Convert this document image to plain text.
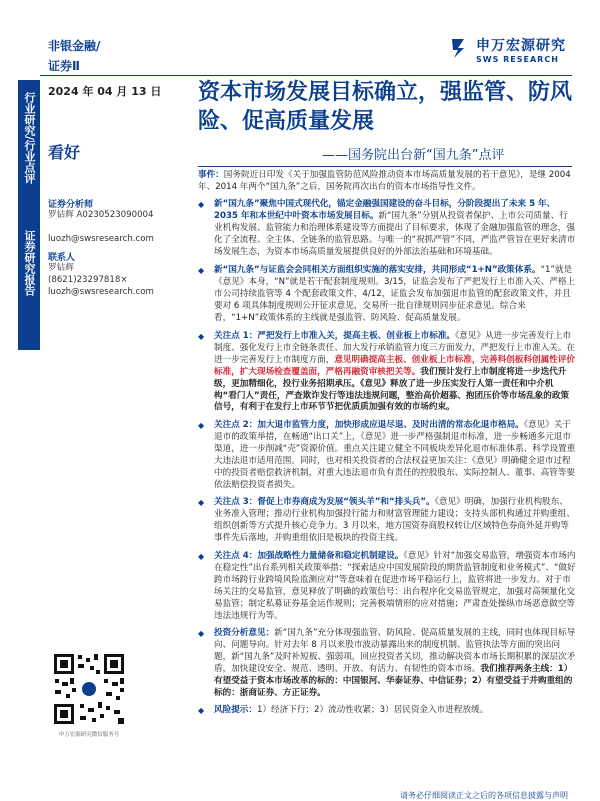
非银金融/
证券Ⅱ
申万宏源研究
SWS RESEARCH
行业研究/行业点评
证券研究报告
2024 年 04 月 13 日
看好
证券分析师
罗钻辉 A0230523090004
luozh@swsresearch.com
联系人
罗钻辉
(8621)23297818×
luozh@swsresearch.com
申万宏源研究微信服务号
资本市场发展目标确立，强监管、防风险、促高质量发展
——国务院出台新“国九条”点评
事件：国务院近日印发《关于加强监管防范风险推动资本市场高质量发展的若干意见》，是继 2004 年、2014 年两个“国九条”之后，国务院再次出台的资本市场指导性文件。
◆ 新“国九条”聚焦中国式现代化，锚定金融强国建设的奋斗目标，分阶段提出了未来 5 年、2035 年和本世纪中叶资本市场发展目标。新“国九条”分别从投资者保护、上市公司质量、行业机构发展、监管能力和治理体系建设等方面提出了目标要求，体现了金融加强监管的理念，强化了全流程、全主体、全链条的监管思路。与唯一的“祝抓严管”不同，严监严管旨在更好来清市场发展生态，为资本市场高质量发展提供良好的外部法治基础和环境基础。
◆ 新“国九条”与证监会会同相关方面组织实施的落实安排，共同形成“1+N”政策体系。“1”就是《意见》本身，“N”就是若干配套制度规则。3/15，证监会发布了严把发行上市准入关、严格上市公司持续监管等 4 个配套政策文件，4/12，证监会发布加强退市监管的配套政策文件，并且要对 6 项具体制度规则公开征求意见，交易所一批自律规则同步征求意见。综合来看，“1+N”政策体系的主线就是强监管、防风险、促高质量发展。
◆ 关注点 1：严把发行上市准入关，提高主板、创业板上市标准。《意见》从进一步完善发行上市制度、强化发行上市全链条责任、加大发行承销监管力度三方面发力，严把发行上市准入关。在进一步完善发行上市制度方面，意见明确提高主板、创业板上市标准，完善科创板科创属性评价标准，扩大现场检查覆盖面，严格再融资审核把关等。我们预计发行上市制度将进一步迭代升级，更加精细化，投行业务招期承压。《意见》释放了进一步压实发行人第一责任和中介机构“看门人”责任，严查欺诈发行等违法违规问题，整治高价超募、抱团压价等市场乱象的政策信号，有利于在发行上市环节节把优质质加强有效的市场约束。
◆ 关注点 2：加大退市监管力度，加快形成应退尽退、及时出清的常态化退市格局。《意见》关于退市的政策举措，在畅通“出口关”上，《意见》进一步严格强制退市标准，进一步畅通多元退市渠道，进一步削减“壳”资源价值。重点关注建立健全不同板块差异化退市标准体系、科学设置重大违法退市适用范围。同时，也对相关投资者的合法权益更加关注：《意见》明确健全退市过程中的投资者赔偿救济机制，对重大违法退市负有责任的控股股东、实际控制人、董事、高管等要依法赔偿投资者损失。
◆ 关注点 3：督促上市券商成为发展“领头羊”和“排头兵”。《意见》明确，加强行业机构股东、业务准入管理；推动行业机构加强投行能力和财富管理能力建设；支持头部机构通过并购重组、组织创新等方式提升核心竞争力。3 月以来，地方国资券商股权转让/区域特色券商外延并购等事件先后落地，并购重组依旧是板块的投资主线。
◆ 关注点 4：加强战略性力量储备和稳定机制建设。《意见》针对“加强交易监管，增强资本市场内在稳定性”出台系列相关政策举措：“探索适应中国发展阶段的期货监管制度和业务模式”、“做好跨市场跨行业跨境风险监测应对”等意味着在促进市场平稳运行上，监管将进一步发力。对于市场关注的交易监管，意见释放了明确的政策信号：出台程序化交易监管规定，加强对高频量化交易监管；制定私募证券基金运作规则；完善极端情形的应对措施；严肃查处操纵市场恶意做空等违法违规行为等。
◆ 投资分析意见：新“国九条”充分体现强监管、防风险、促高质量发展的主线，同时也体现目标导向、问题导向。针对去年 8 月以来股市波动暴露出来的制度机制、监管执法等方面的突出问题，新“国九条”及时补短板、强弱项，回应投资者关切，推动解决资本市场长期积累的深层次矛盾，加快建设安全、规范、透明、开放、有活力、有韧性的资本市场。我们推荐两条主线：1）有望受益于资本市场改革的标的：中国银河、华泰证券、中信证券；2）有望受益于并购重组的标的：浙商证券、方正证券。
◆ 风险提示：1）经济下行；2）流动性收紧；3）居民资金入市进程放缓。
请务必仔细阅读正文之后的各项信息披露与声明
